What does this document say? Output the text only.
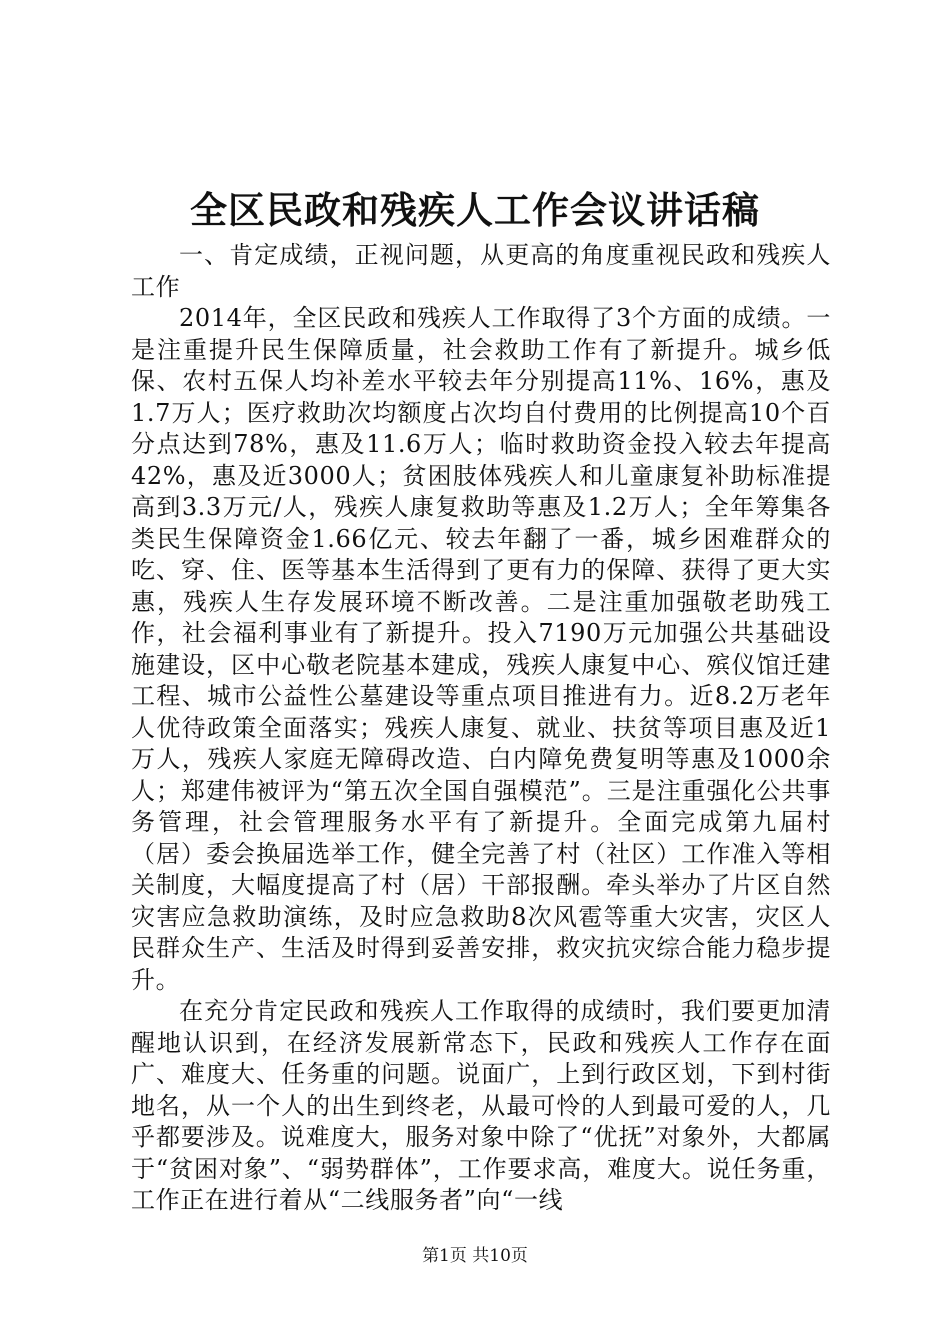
全区民政和残疾人工作会议讲话稿

一、肯定成绩，正视问题，从更高的角度重视民政和残疾人工作

2014年，全区民政和残疾人工作取得了3个方面的成绩。一是注重提升民生保障质量，社会救助工作有了新提升。城乡低保、农村五保人均补差水平较去年分别提高11%、16%，惠及1.7万人；医疗救助次均额度占次均自付费用的比例提高10个百分点达到78%，惠及11.6万人；临时救助资金投入较去年提高42%，惠及近3000人；贫困肢体残疾人和儿童康复补助标准提高到3.3万元/人，残疾人康复救助等惠及1.2万人；全年筹集各类民生保障资金1.66亿元、较去年翻了一番，城乡困难群众的吃、穿、住、医等基本生活得到了更有力的保障、获得了更大实惠，残疾人生存发展环境不断改善。二是注重加强敬老助残工作，社会福利事业有了新提升。投入7190万元加强公共基础设施建设，区中心敬老院基本建成，残疾人康复中心、殡仪馆迁建工程、城市公益性公墓建设等重点项目推进有力。近8.2万老年人优待政策全面落实；残疾人康复、就业、扶贫等项目惠及近1万人，残疾人家庭无障碍改造、白内障免费复明等惠及1000余人；郑建伟被评为“第五次全国自强模范”。三是注重强化公共事务管理，社会管理服务水平有了新提升。全面完成第九届村（居）委会换届选举工作，健全完善了村（社区）工作准入等相关制度，大幅度提高了村（居）干部报酬。牵头举办了片区自然灾害应急救助演练，及时应急救助8次风雹等重大灾害，灾区人民群众生产、生活及时得到妥善安排，救灾抗灾综合能力稳步提升。

在充分肯定民政和残疾人工作取得的成绩时，我们要更加清醒地认识到，在经济发展新常态下，民政和残疾人工作存在面广、难度大、任务重的问题。说面广，上到行政区划，下到村街地名，从一个人的出生到终老，从最可怜的人到最可爱的人，几乎都要涉及。说难度大，服务对象中除了“优抚”对象外，大都属于“贫困对象”、“弱势群体”，工作要求高，难度大。说任务重，工作正在进行着从“二线服务者”向“一线

第1页 共10页
